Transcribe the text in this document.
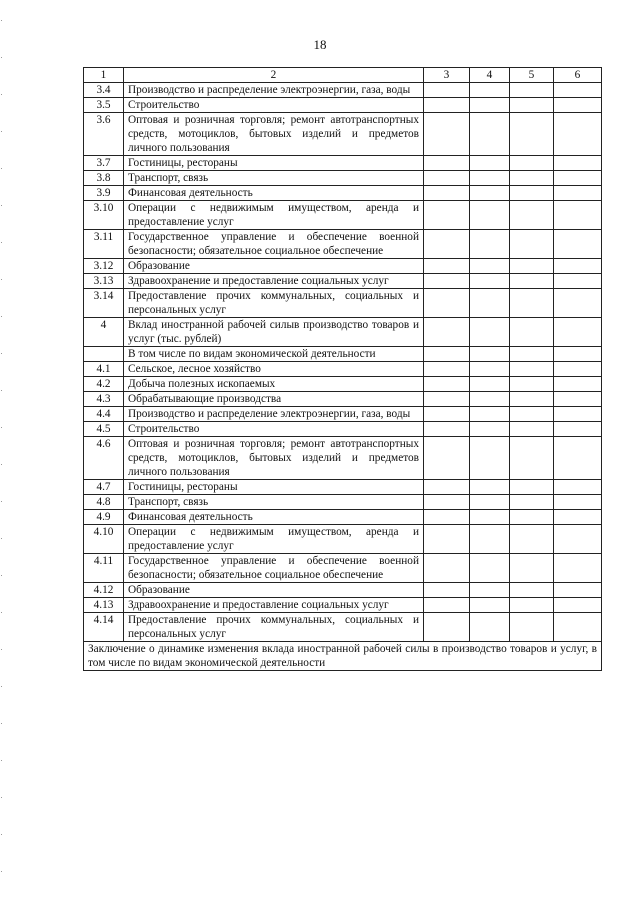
18
1	2	3	4	5	6
3.4	Производство и распределение электроэнергии, газа, воды				
3.5	Строительство				
3.6	Оптовая и розничная торговля; ремонт автотранспортных средств, мотоциклов, бытовых изделий и предметов личного пользования				
3.7	Гостиницы, рестораны				
3.8	Транспорт, связь				
3.9	Финансовая деятельность				
3.10	Операции с недвижимым имуществом, аренда и предоставление услуг				
3.11	Государственное управление и обеспечение военной безопасности; обязательное социальное обеспечение				
3.12	Образование				
3.13	Здравоохранение и предоставление социальных услуг				
3.14	Предоставление прочих коммунальных, социальных и персональных услуг				
4	Вклад иностранной рабочей силыв производство товаров и услуг (тыс. рублей)				
	В том числе по видам экономической деятельности				
4.1	Сельское, лесное хозяйство				
4.2	Добыча полезных ископаемых				
4.3	Обрабатывающие производства				
4.4	Производство и распределение электроэнергии, газа, воды				
4.5	Строительство				
4.6	Оптовая и розничная торговля; ремонт автотранспортных средств, мотоциклов, бытовых изделий и предметов личного пользования				
4.7	Гостиницы, рестораны				
4.8	Транспорт, связь				
4.9	Финансовая деятельность				
4.10	Операции с недвижимым имуществом, аренда и предоставление услуг				
4.11	Государственное управление и обеспечение военной безопасности; обязательное социальное обеспечение				
4.12	Образование				
4.13	Здравоохранение и предоставление социальных услуг				
4.14	Предоставление прочих коммунальных, социальных и персональных услуг				
Заключение о динамике изменения вклада иностранной рабочей силы в производство товаров и услуг, в том числе по видам экономической деятельности					
